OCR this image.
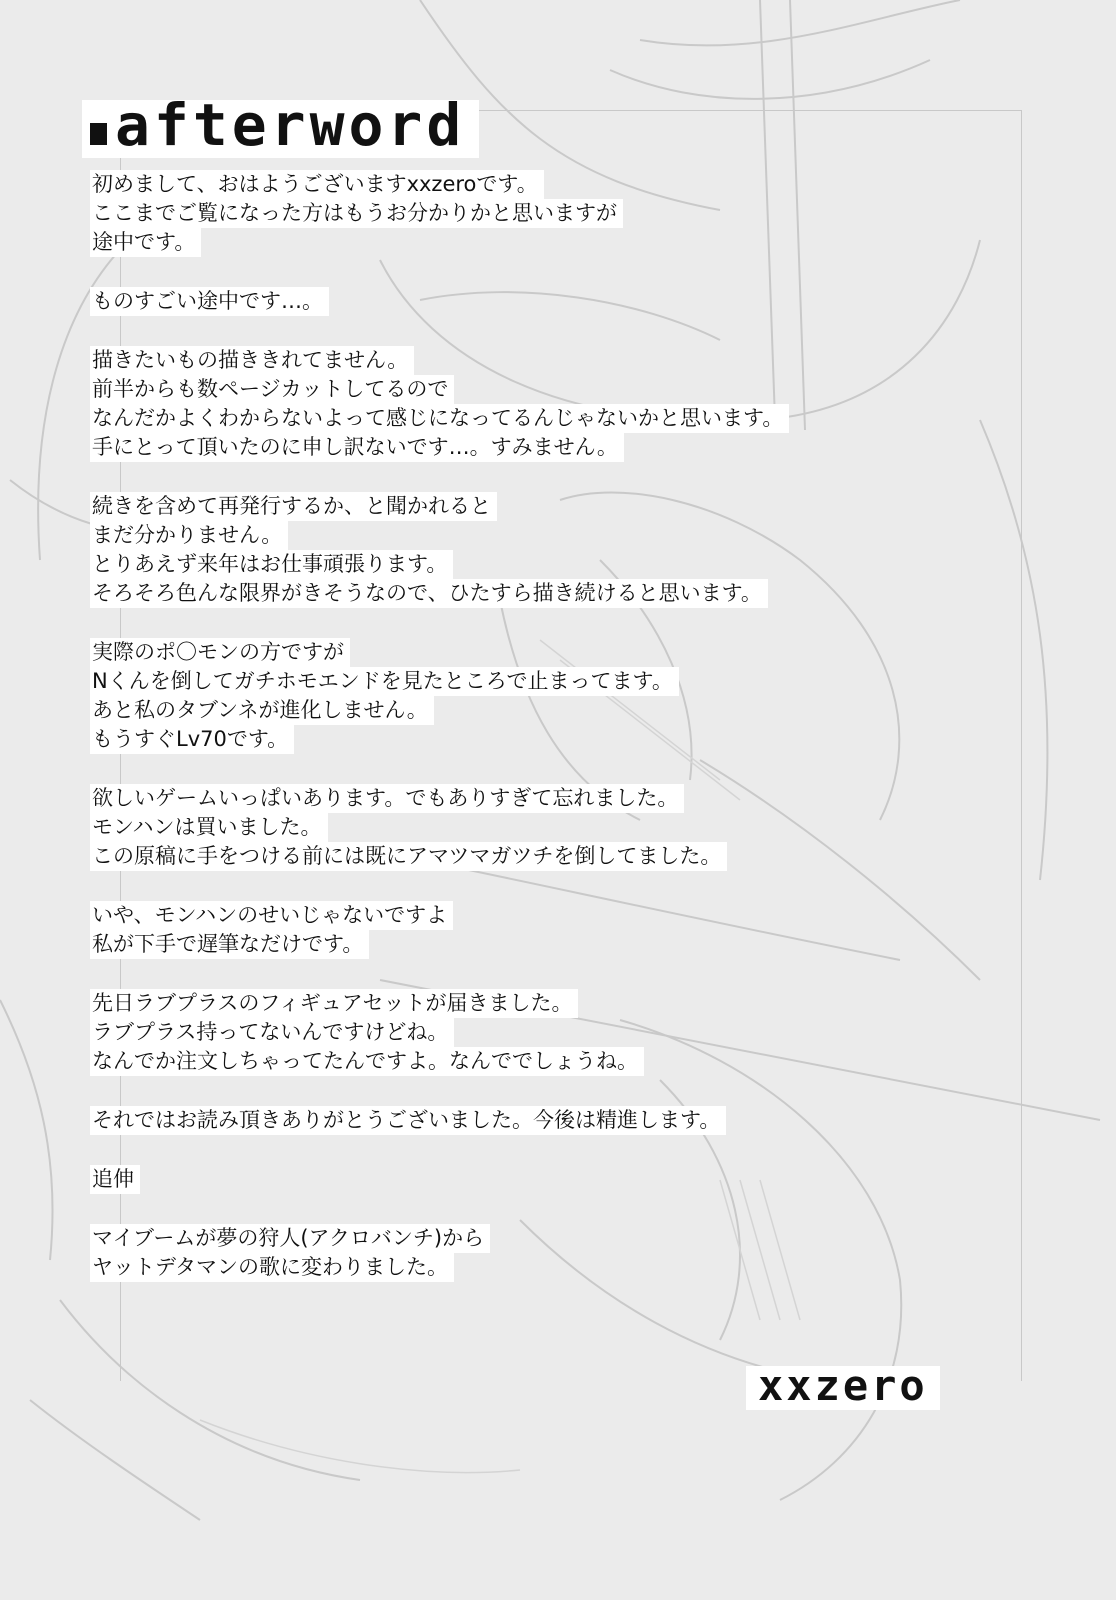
afterword
初めまして、おはようございますxxzeroです。
ここまでご覧になった方はもうお分かりかと思いますが
途中です。
ものすごい途中です…。
描きたいもの描ききれてません。
前半からも数ページカットしてるので
なんだかよくわからないよって感じになってるんじゃないかと思います。
手にとって頂いたのに申し訳ないです…。すみません。
続きを含めて再発行するか、と聞かれると
まだ分かりません。
とりあえず来年はお仕事頑張ります。
そろそろ色んな限界がきそうなので、ひたすら描き続けると思います。
実際のポ〇モンの方ですが
Nくんを倒してガチホモエンドを見たところで止まってます。
あと私のタブンネが進化しません。
もうすぐLv70です。
欲しいゲームいっぱいあります。でもありすぎて忘れました。
モンハンは買いました。
この原稿に手をつける前には既にアマツマガツチを倒してました。
いや、モンハンのせいじゃないですよ
私が下手で遅筆なだけです。
先日ラブプラスのフィギュアセットが届きました。
ラブプラス持ってないんですけどね。
なんでか注文しちゃってたんですよ。なんででしょうね。
それではお読み頂きありがとうございました。今後は精進します。
追伸
マイブームが夢の狩人(アクロバンチ)から
ヤットデタマンの歌に変わりました。
xxzero
